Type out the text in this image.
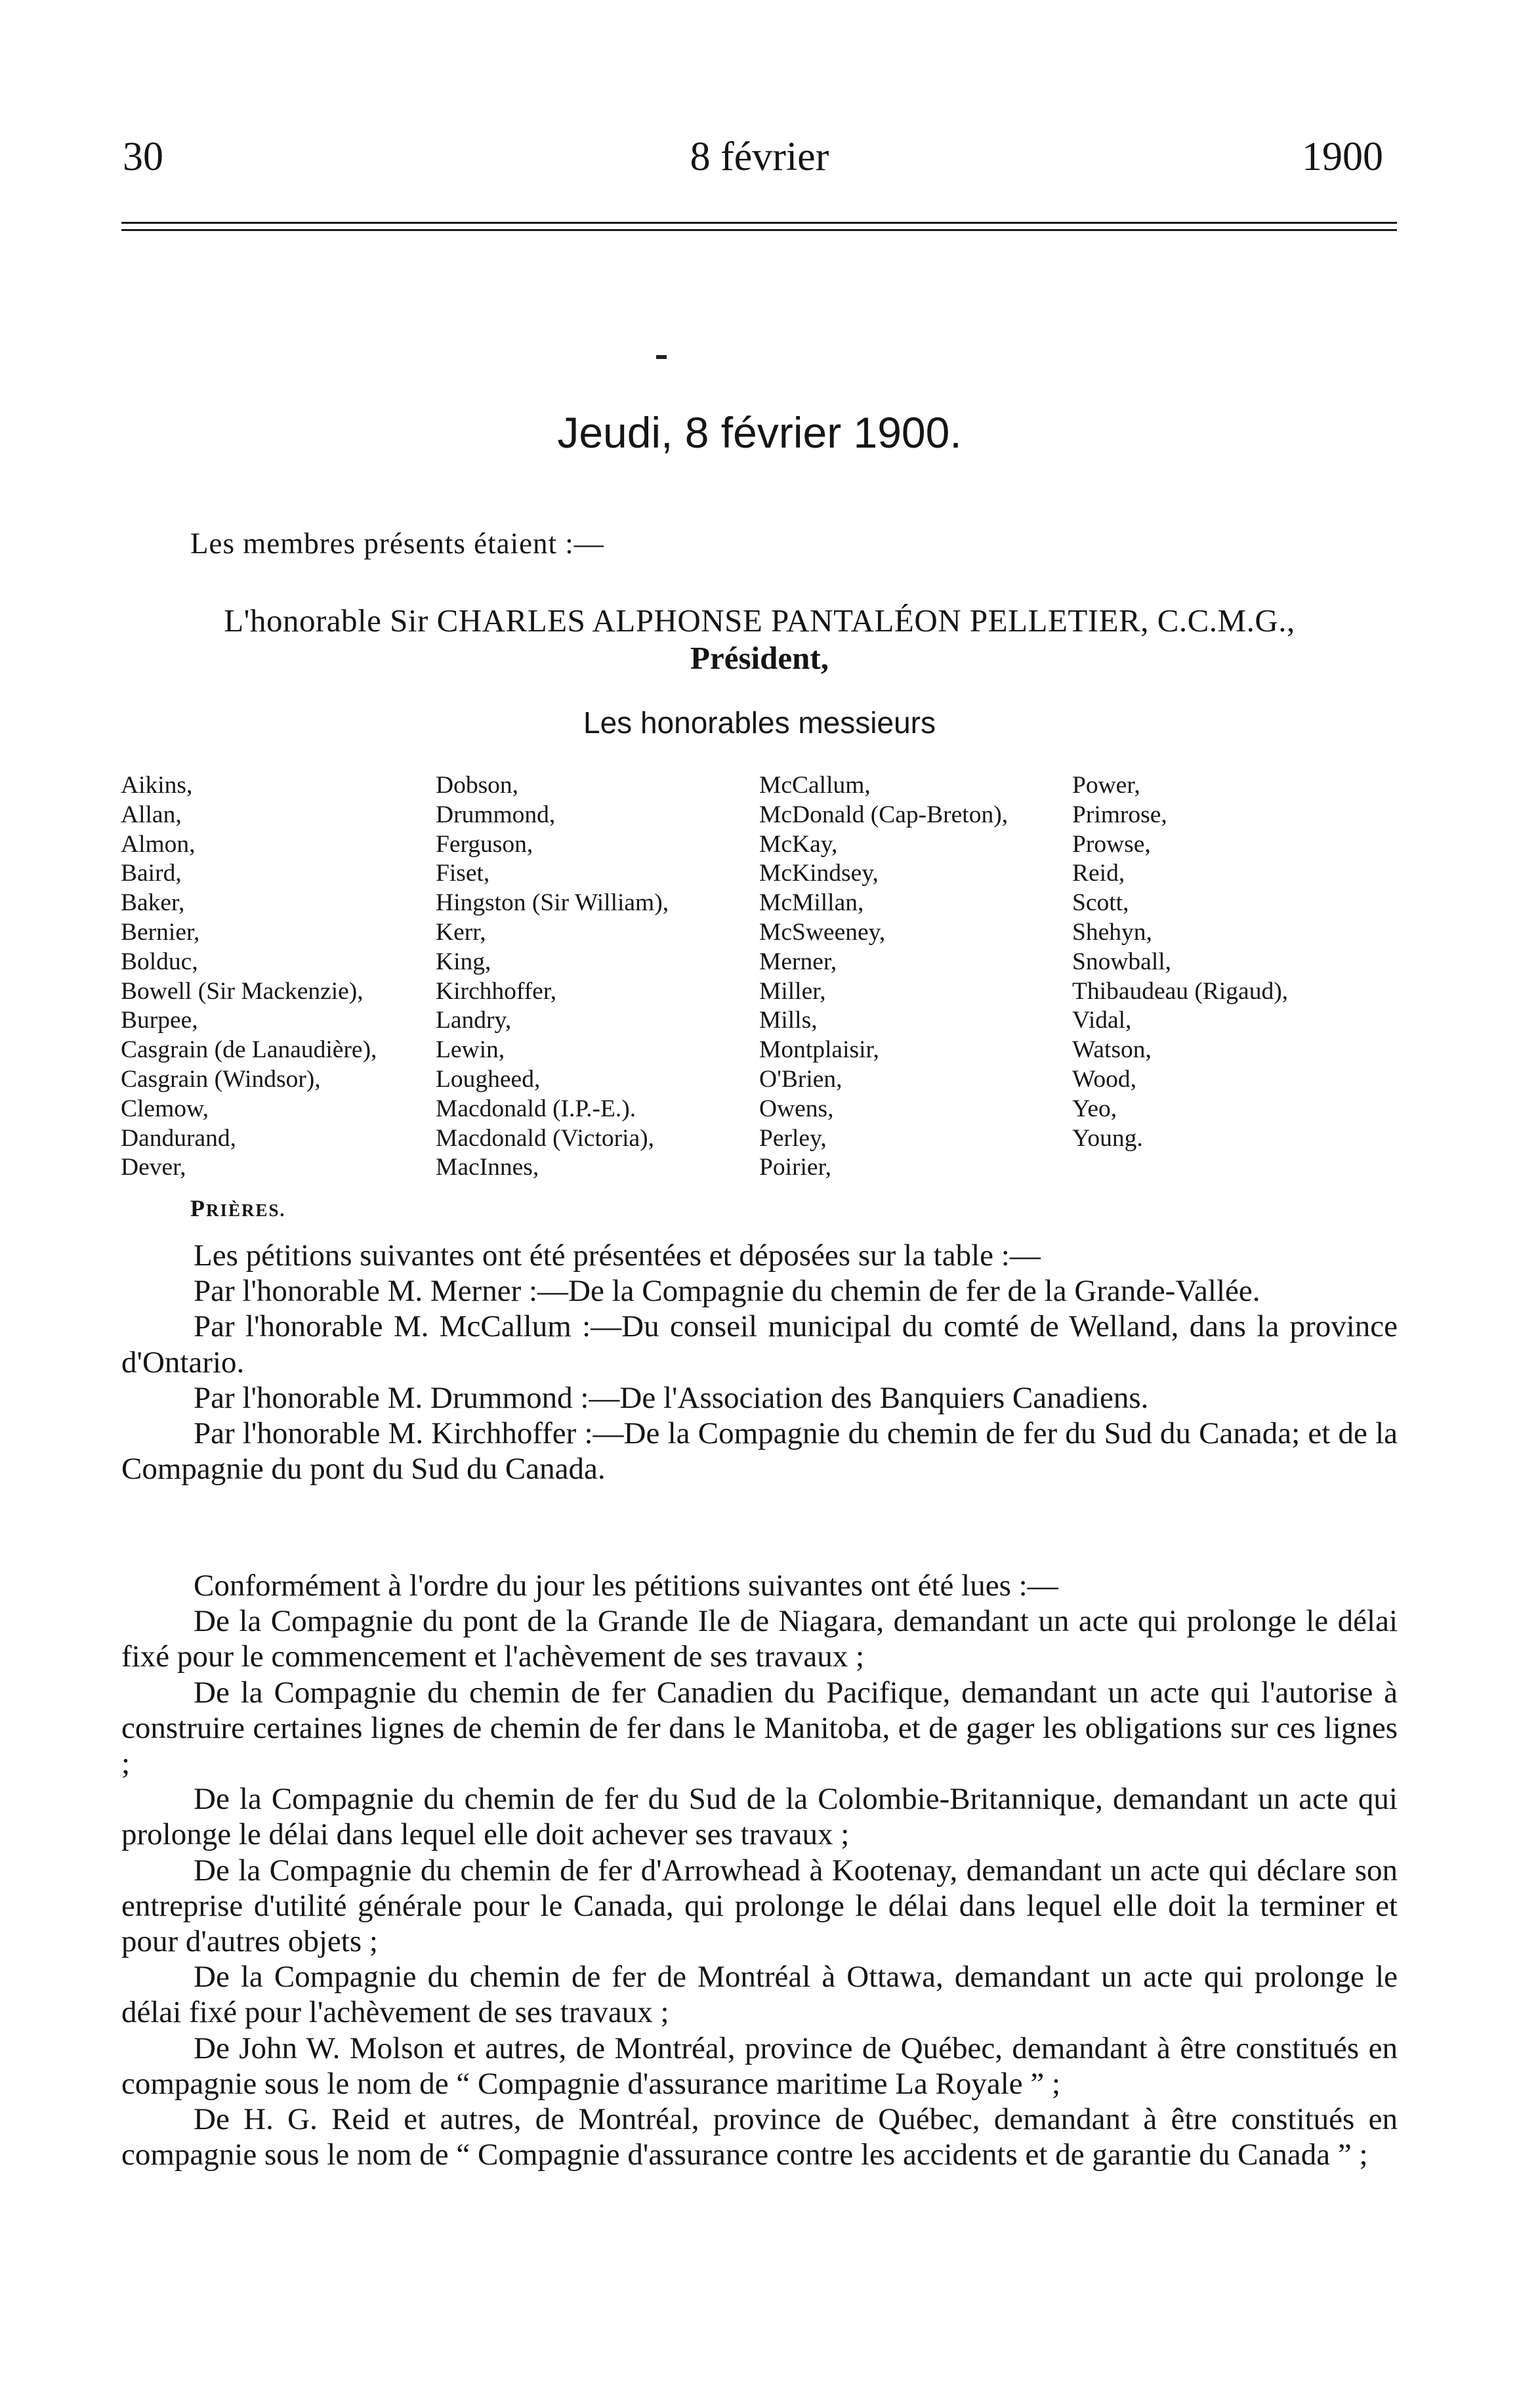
30	8 février	1900
Jeudi, 8 février 1900.
Les membres présents étaient :—
L'honorable Sir CHARLES ALPHONSE PANTALÉON PELLETIER, C.C.M.G.,
Président,
Les honorables messieurs
Aikins,
Allan,
Almon,
Baird,
Baker,
Bernier,
Bolduc,
Bowell (Sir Mackenzie),
Burpee,
Casgrain (de Lanaudière),
Casgrain (Windsor),
Clemow,
Dandurand,
Dever,
Dobson,
Drummond,
Ferguson,
Fiset,
Hingston (Sir William),
Kerr,
King,
Kirchhoffer,
Landry,
Lewin,
Lougheed,
Macdonald (I.P.-E.).
Macdonald (Victoria),
MacInnes,
McCallum,
McDonald (Cap-Breton),
McKay,
McKindsey,
McMillan,
McSweeney,
Merner,
Miller,
Mills,
Montplaisir,
O'Brien,
Owens,
Perley,
Poirier,
Power,
Primrose,
Prowse,
Reid,
Scott,
Shehyn,
Snowball,
Thibaudeau (Rigaud),
Vidal,
Watson,
Wood,
Yeo,
Young.
PRIÈRES.

Les pétitions suivantes ont été présentées et déposées sur la table :—

Par l'honorable M. Merner :—De la Compagnie du chemin de fer de la Grande-Vallée.

Par l'honorable M. McCallum :—Du conseil municipal du comté de Welland, dans la province d'Ontario.

Par l'honorable M. Drummond :—De l'Association des Banquiers Canadiens.

Par l'honorable M. Kirchhoffer :—De la Compagnie du chemin de fer du Sud du Canada; et de la Compagnie du pont du Sud du Canada.

Conformément à l'ordre du jour les pétitions suivantes ont été lues :—

De la Compagnie du pont de la Grande Ile de Niagara, demandant un acte qui prolonge le délai fixé pour le commencement et l'achèvement de ses travaux ;

De la Compagnie du chemin de fer Canadien du Pacifique, demandant un acte qui l'autorise à construire certaines lignes de chemin de fer dans le Manitoba, et de gager les obligations sur ces lignes ;

De la Compagnie du chemin de fer du Sud de la Colombie-Britannique, demandant un acte qui prolonge le délai dans lequel elle doit achever ses travaux ;

De la Compagnie du chemin de fer d'Arrowhead à Kootenay, demandant un acte qui déclare son entreprise d'utilité générale pour le Canada, qui prolonge le délai dans lequel elle doit la terminer et pour d'autres objets ;

De la Compagnie du chemin de fer de Montréal à Ottawa, demandant un acte qui prolonge le délai fixé pour l'achèvement de ses travaux ;

De John W. Molson et autres, de Montréal, province de Québec, demandant à être constitués en compagnie sous le nom de “ Compagnie d'assurance maritime La Royale ” ;

De H. G. Reid et autres, de Montréal, province de Québec, demandant à être constitués en compagnie sous le nom de “ Compagnie d'assurance contre les accidents et de garantie du Canada ” ;
